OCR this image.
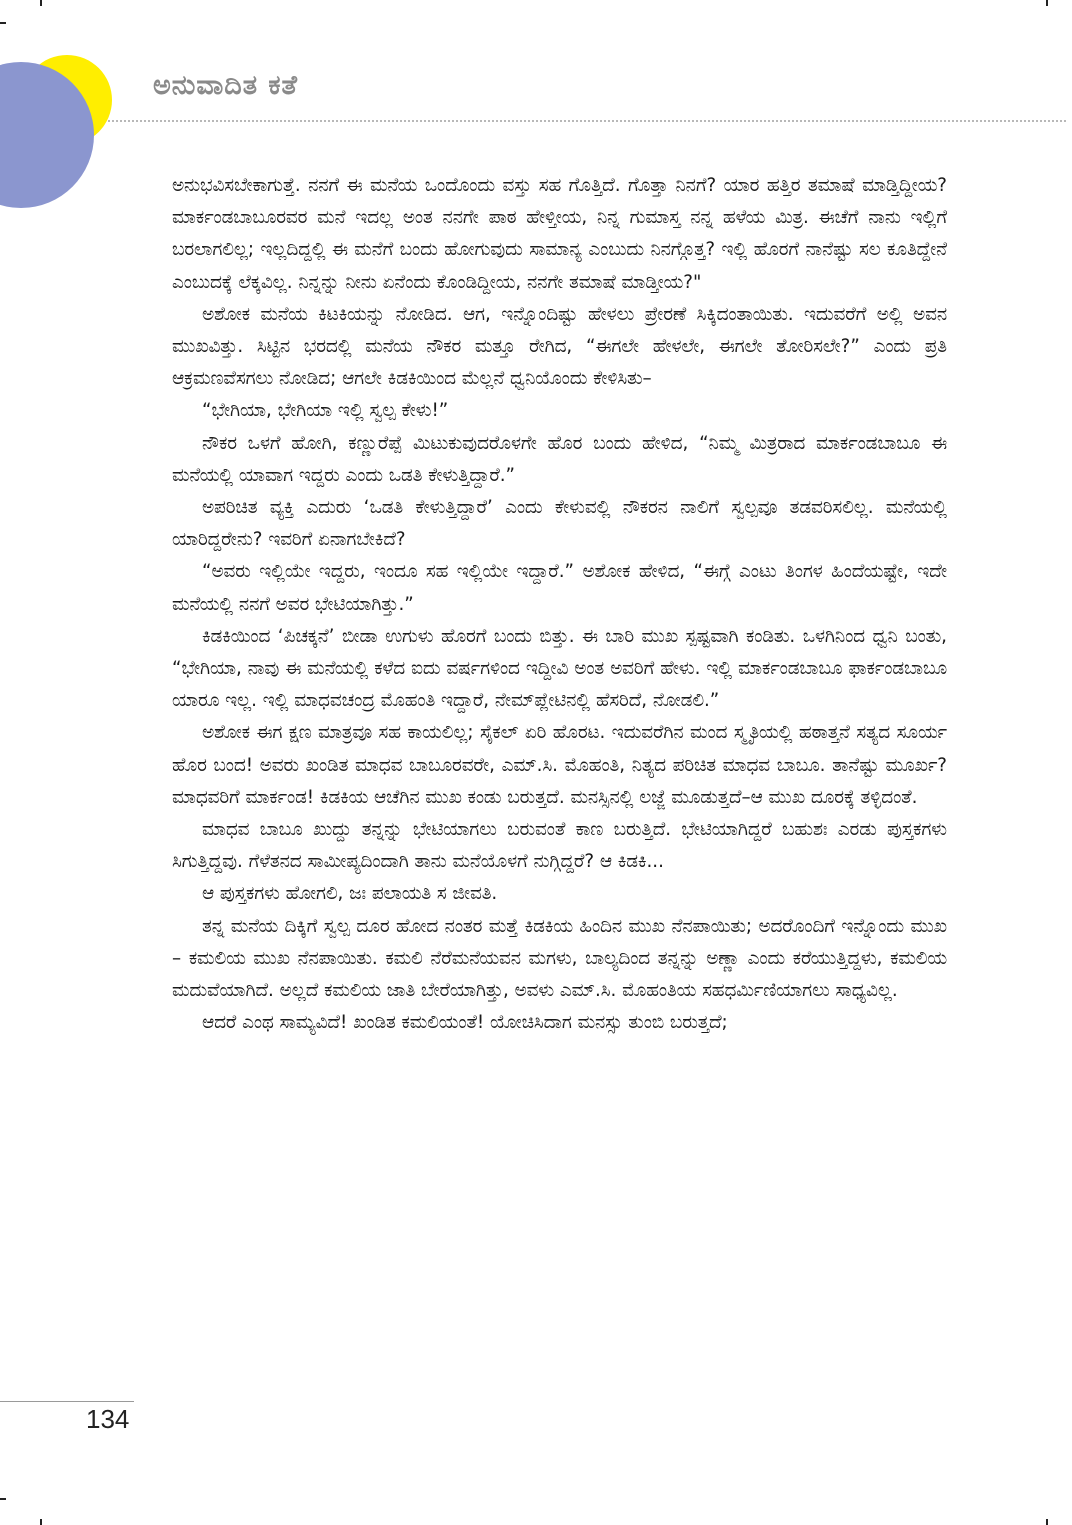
ಅನುವಾದಿತ ಕತೆ

ಅನುಭವಿಸಬೇಕಾಗುತ್ತೆ. ನನಗೆ ಈ ಮನೆಯ ಒಂದೊಂದು ವಸ್ತು ಸಹ ಗೊತ್ತಿದೆ. ಗೊತ್ತಾ ನಿನಗೆ? ಯಾರ ಹತ್ತಿರ ತಮಾಷೆ ಮಾಡ್ತಿದ್ದೀಯ? ಮಾರ್ಕಂಡಬಾಬೂರವರ ಮನೆ ಇದಲ್ಲ ಅಂತ ನನಗೇ ಪಾಠ ಹೇಳ್ತೀಯ, ನಿನ್ನ ಗುಮಾಸ್ತ ನನ್ನ ಹಳೆಯ ಮಿತ್ರ. ಈಚೆಗೆ ನಾನು ಇಲ್ಲಿಗೆ ಬರಲಾಗಲಿಲ್ಲ; ಇಲ್ಲದಿದ್ದಲ್ಲಿ ಈ ಮನೆಗೆ ಬಂದು ಹೋಗುವುದು ಸಾಮಾನ್ಯ ಎಂಬುದು ನಿನಗ್ಗೊತ್ತ? ಇಲ್ಲಿ ಹೊರಗೆ ನಾನೆಷ್ಟು ಸಲ ಕೂತಿದ್ದೇನೆ ಎಂಬುದಕ್ಕೆ ಲೆಕ್ಕವಿಲ್ಲ. ನಿನ್ನನ್ನು ನೀನು ಏನೆಂದು ಕೊಂಡಿದ್ದೀಯ, ನನಗೇ ತಮಾಷೆ ಮಾಡ್ತೀಯ?"

ಅಶೋಕ ಮನೆಯ ಕಿಟಕಿಯನ್ನು ನೋಡಿದ. ಆಗ, ಇನ್ನೊಂದಿಷ್ಟು ಹೇಳಲು ಪ್ರೇರಣೆ ಸಿಕ್ಕಿದಂತಾಯಿತು. ಇದುವರೆಗೆ ಅಲ್ಲಿ ಅವನ ಮುಖವಿತ್ತು. ಸಿಟ್ಟಿನ ಭರದಲ್ಲಿ ಮನೆಯ ನೌಕರ ಮತ್ತೂ ರೇಗಿದ, “ಈಗಲೇ ಹೇಳಲೇ, ಈಗಲೇ ತೋರಿಸಲೇ?” ಎಂದು ಪ್ರತಿ ಆಕ್ರಮಣವೆಸಗಲು ನೋಡಿದ; ಆಗಲೇ ಕಿಡಕಿಯಿಂದ ಮೆಲ್ಲನೆ ಧ್ವನಿಯೊಂದು ಕೇಳಿಸಿತು–

“ಭೇಗಿಯಾ, ಭೇಗಿಯಾ ಇಲ್ಲಿ ಸ್ವಲ್ಪ ಕೇಳು!”

ನೌಕರ ಒಳಗೆ ಹೋಗಿ, ಕಣ್ಣುರೆಪ್ಪೆ ಮಿಟುಕುವುದರೊಳಗೇ ಹೊರ ಬಂದು ಹೇಳಿದ, “ನಿಮ್ಮ ಮಿತ್ರರಾದ ಮಾರ್ಕಂಡಬಾಬೂ ಈ ಮನೆಯಲ್ಲಿ ಯಾವಾಗ ಇದ್ದರು ಎಂದು ಒಡತಿ ಕೇಳುತ್ತಿದ್ದಾರೆ.”

ಅಪರಿಚಿತ ವ್ಯಕ್ತಿ ಎದುರು ‘ಒಡತಿ ಕೇಳುತ್ತಿದ್ದಾರೆ’ ಎಂದು ಕೇಳುವಲ್ಲಿ ನೌಕರನ ನಾಲಿಗೆ ಸ್ವಲ್ಪವೂ ತಡವರಿಸಲಿಲ್ಲ. ಮನೆಯಲ್ಲಿ ಯಾರಿದ್ದರೇನು? ಇವರಿಗೆ ಏನಾಗಬೇಕಿದೆ?

“ಅವರು ಇಲ್ಲಿಯೇ ಇದ್ದರು, ಇಂದೂ ಸಹ ಇಲ್ಲಿಯೇ ಇದ್ದಾರೆ.” ಅಶೋಕ ಹೇಳಿದ, “ಈಗ್ಗೆ ಎಂಟು ತಿಂಗಳ ಹಿಂದೆಯಷ್ಟೇ, ಇದೇ ಮನೆಯಲ್ಲಿ ನನಗೆ ಅವರ ಭೇಟಿಯಾಗಿತ್ತು.”

ಕಿಡಕಿಯಿಂದ ‘ಪಿಚಕ್ಕನೆ’ ಬೀಡಾ ಉಗುಳು ಹೊರಗೆ ಬಂದು ಬಿತ್ತು. ಈ ಬಾರಿ ಮುಖ ಸ್ಪಷ್ಟವಾಗಿ ಕಂಡಿತು. ಒಳಗಿನಿಂದ ಧ್ವನಿ ಬಂತು, “ಭೇಗಿಯಾ, ನಾವು ಈ ಮನೆಯಲ್ಲಿ ಕಳೆದ ಐದು ವರ್ಷಗಳಿಂದ ಇದ್ದೀವಿ ಅಂತ ಅವರಿಗೆ ಹೇಳು. ಇಲ್ಲಿ ಮಾರ್ಕಂಡಬಾಬೂ ಫಾರ್ಕಂಡಬಾಬೂ ಯಾರೂ ಇಲ್ಲ. ಇಲ್ಲಿ ಮಾಧವಚಂದ್ರ ಮೊಹಂತಿ ಇದ್ದಾರೆ, ನೇಮ್‌ಪ್ಲೇಟಿನಲ್ಲಿ ಹೆಸರಿದೆ, ನೋಡಲಿ.”

ಅಶೋಕ ಈಗ ಕ್ಷಣ ಮಾತ್ರವೂ ಸಹ ಕಾಯಲಿಲ್ಲ; ಸೈಕಲ್ ಏರಿ ಹೊರಟ. ಇದುವರೆಗಿನ ಮಂದ ಸ್ಮೃತಿಯಲ್ಲಿ ಹಠಾತ್ತನೆ ಸತ್ಯದ ಸೂರ್ಯ ಹೊರ ಬಂದ! ಅವರು ಖಂಡಿತ ಮಾಧವ ಬಾಬೂರವರೇ, ಎಮ್.ಸಿ. ಮೊಹಂತಿ, ನಿತ್ಯದ ಪರಿಚಿತ ಮಾಧವ ಬಾಬೂ. ತಾನೆಷ್ಟು ಮೂರ್ಖ? ಮಾಧವರಿಗೆ ಮಾರ್ಕಂಡ! ಕಿಡಕಿಯ ಆಚೆಗಿನ ಮುಖ ಕಂಡು ಬರುತ್ತದೆ. ಮನಸ್ಸಿನಲ್ಲಿ ಲಜ್ಜೆ ಮೂಡುತ್ತದೆ–ಆ ಮುಖ ದೂರಕ್ಕೆ ತಳ್ಳಿದಂತೆ.

ಮಾಧವ ಬಾಬೂ ಖುದ್ದು ತನ್ನನ್ನು ಭೇಟಿಯಾಗಲು ಬರುವಂತೆ ಕಾಣ ಬರುತ್ತಿದೆ. ಭೇಟಿಯಾಗಿದ್ದರೆ ಬಹುಶಃ ಎರಡು ಪುಸ್ತಕಗಳು ಸಿಗುತ್ತಿದ್ದವು. ಗೆಳೆತನದ ಸಾಮೀಪ್ಯದಿಂದಾಗಿ ತಾನು ಮನೆಯೊಳಗೆ ನುಗ್ಗಿದ್ದರೆ? ಆ ಕಿಡಕಿ...

ಆ ಪುಸ್ತಕಗಳು ಹೋಗಲಿ, ಜಃ ಪಲಾಯತಿ ಸ ಜೀವತಿ.

ತನ್ನ ಮನೆಯ ದಿಕ್ಕಿಗೆ ಸ್ವಲ್ಪ ದೂರ ಹೋದ ನಂತರ ಮತ್ತೆ ಕಿಡಕಿಯ ಹಿಂದಿನ ಮುಖ ನೆನಪಾಯಿತು; ಅದರೊಂದಿಗೆ ಇನ್ನೊಂದು ಮುಖ – ಕಮಲಿಯ ಮುಖ ನೆನಪಾಯಿತು. ಕಮಲಿ ನೆರೆಮನೆಯವನ ಮಗಳು, ಬಾಲ್ಯದಿಂದ ತನ್ನನ್ನು ಅಣ್ಣಾ ಎಂದು ಕರೆಯುತ್ತಿದ್ದಳು, ಕಮಲಿಯ ಮದುವೆಯಾಗಿದೆ. ಅಲ್ಲದೆ ಕಮಲಿಯ ಜಾತಿ ಬೇರೆಯಾಗಿತ್ತು, ಅವಳು ಎಮ್.ಸಿ. ಮೊಹಂತಿಯ ಸಹಧರ್ಮಿಣಿಯಾಗಲು ಸಾಧ್ಯವಿಲ್ಲ.

ಆದರೆ ಎಂಥ ಸಾಮ್ಯವಿದೆ! ಖಂಡಿತ ಕಮಲಿಯಂತೆ! ಯೋಚಿಸಿದಾಗ ಮನಸ್ಸು ತುಂಬಿ ಬರುತ್ತದೆ;

134
